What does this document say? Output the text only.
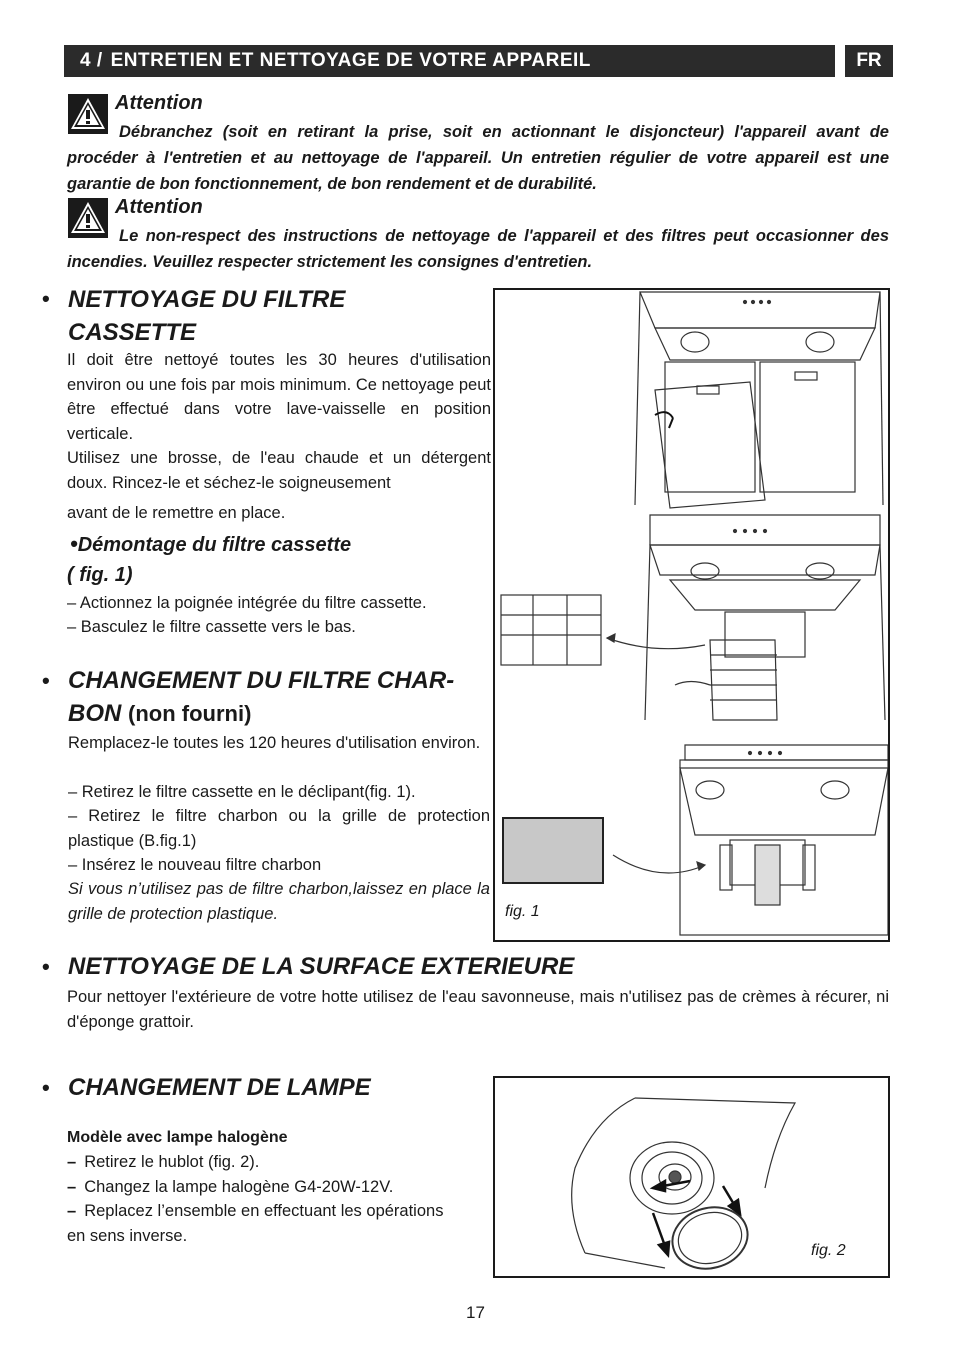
4 / ENTRETIEN ET NETTOYAGE DE VOTRE APPAREIL	FR
Attention
Débranchez (soit en retirant la prise, soit en actionnant le disjoncteur) l'appareil avant de procéder à l'entretien et au nettoyage de l'appareil. Un entretien régulier de votre appareil est une garantie de bon fonctionnement, de bon rendement et de durabilité.
Attention
Le non-respect des instructions de nettoyage de l'appareil et des filtres peut occasionner des incendies. Veuillez respecter strictement les consignes d'entretien.
• NETTOYAGE DU FILTRE
CASSETTE
Il doit être nettoyé toutes les 30 heures d'utilisation environ ou une fois par mois minimum. Ce nettoyage peut être effectué dans votre lave-vaisselle en position verticale.
Utilisez une brosse, de l'eau chaude et un détergent doux. Rincez-le et séchez-le soigneusement
avant de le remettre en place.
•Démontage du filtre cassette
( fig. 1)
– Actionnez la poignée intégrée du filtre cassette.
– Basculez le filtre cassette vers le bas.
• CHANGEMENT DU FILTRE CHAR-
BON (non fourni)
Remplacez-le toutes les 120 heures d'utilisation environ.
– Retirez le filtre cassette en le déclipant(fig. 1).
– Retirez le filtre charbon ou la grille de protection plastique (B.fig.1)
– Insérez le nouveau filtre charbon
Si vous n’utilisez pas de filtre charbon,laissez en place la grille de protection plastique.	fig. 1
• NETTOYAGE DE LA SURFACE EXTERIEURE
Pour nettoyer l'extérieure de votre hotte utilisez de l'eau savonneuse, mais n'utilisez pas de crèmes à récurer, ni d'éponge grattoir.
• CHANGEMENT DE LAMPE
Modèle avec lampe halogène
– Retirez le hublot (fig. 2).
– Changez la lampe halogène G4-20W-12V.
– Replacez l’ensemble en effectuant les opérations en sens inverse.
fig. 2
17
